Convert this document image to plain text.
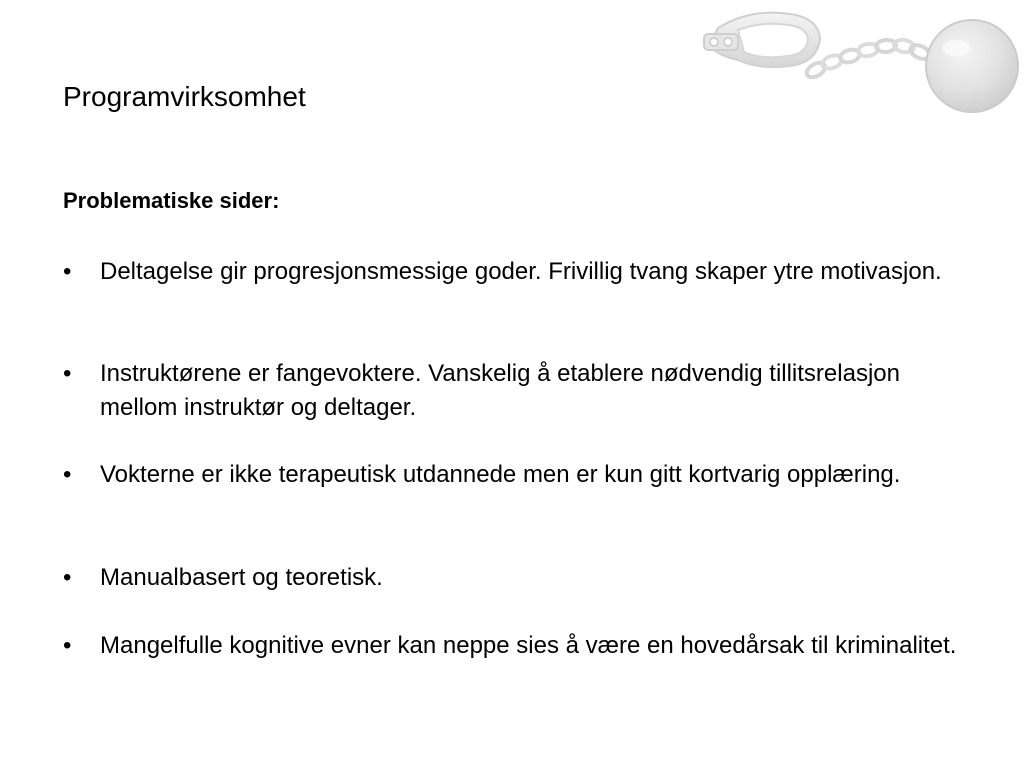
Programvirksomhet
Problematiske sider:
•	Deltagelse gir progresjonsmessige goder. Frivillig tvang skaper ytre motivasjon.
•	Instruktørene er fangevoktere. Vanskelig å etablere nødvendig tillitsrelasjon mellom instruktør og deltager.
•	Vokterne er ikke terapeutisk utdannede men er kun gitt kortvarig opplæring.
•	Manualbasert og teoretisk.
•	Mangelfulle kognitive evner kan neppe sies å være en hovedårsak til kriminalitet.
